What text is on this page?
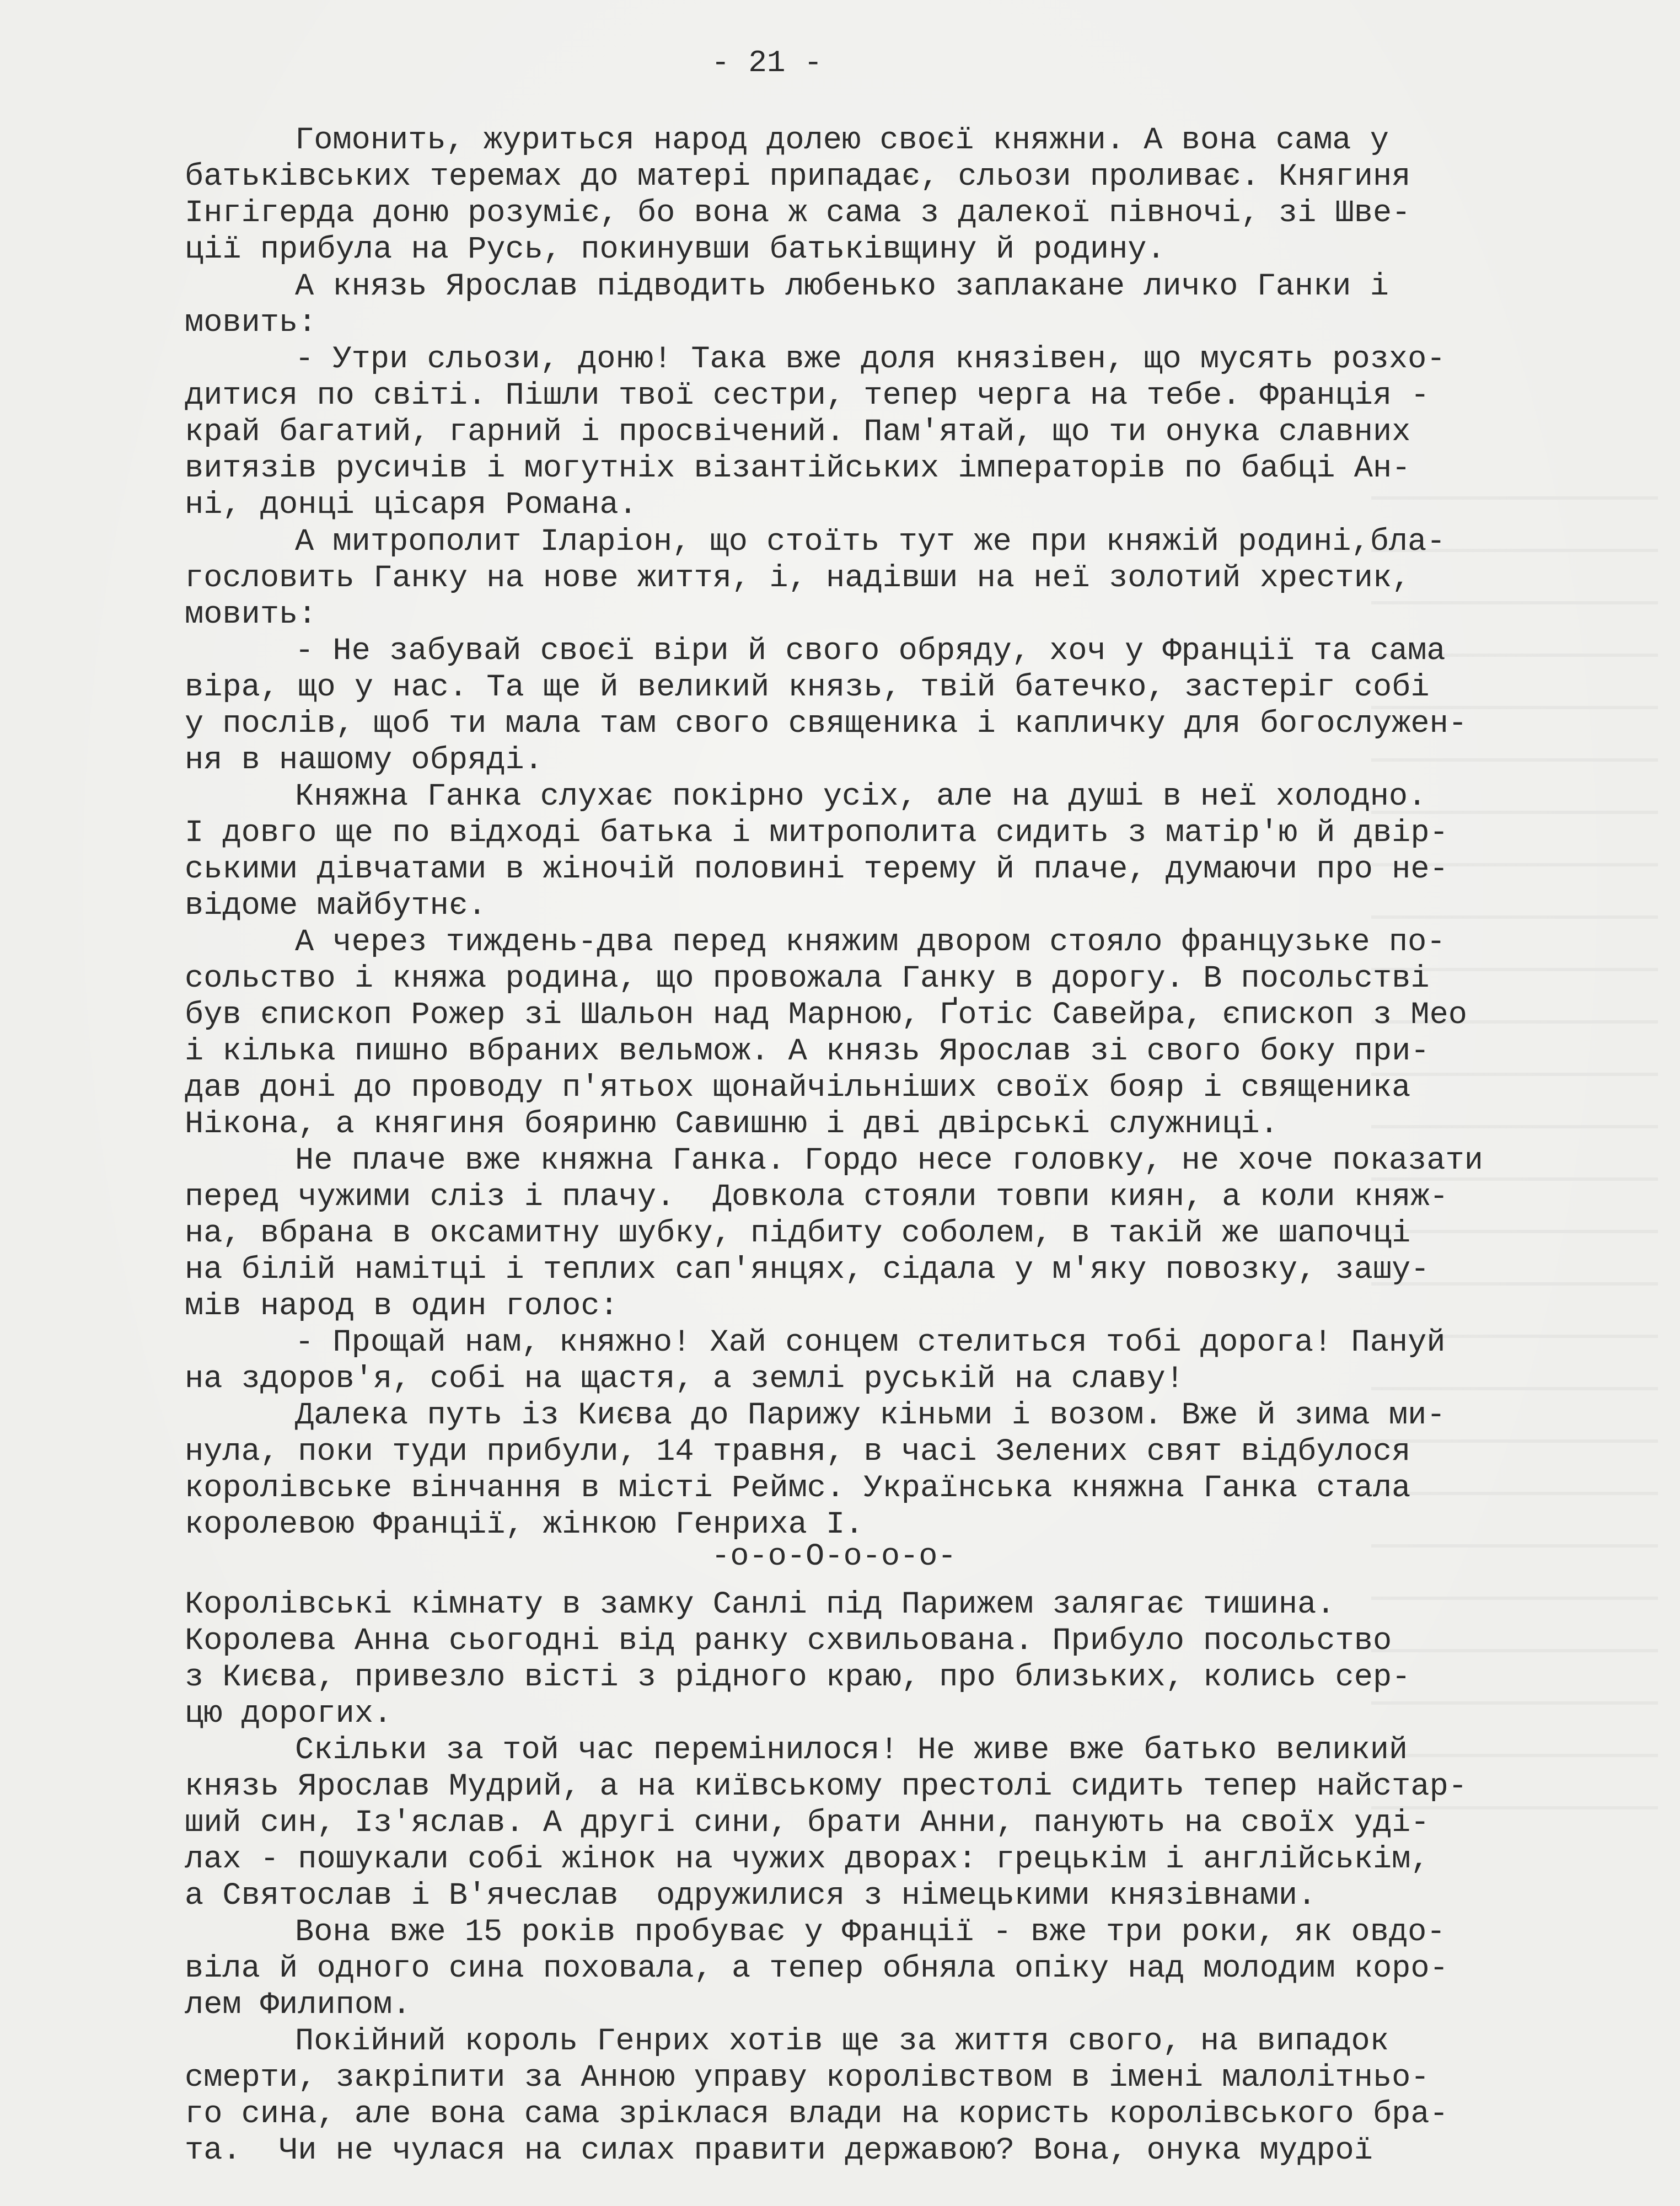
- 21 -
Гомонить, журиться народ долею своєї княжни. А вона сама у
батьківських теремах до матері припадає, сльози проливає. Княгиня
Інгігерда доню розуміє, бо вона ж сама з далекої півночі, зі Шве-
ції прибула на Русь, покинувши батьківщину й родину.
А князь Ярослав підводить любенько заплакане личко Ганки і
мовить:
- Утри сльози, доню! Така вже доля князівен, що мусять розхо-
дитися по світі. Пішли твої сестри, тепер черга на тебе. Франція -
край багатий, гарний і просвічений. Пам'ятай, що ти онука славних
витязів русичів і могутніх візантійських імператорів по бабці Ан-
ні, донці цісаря Романа.
А митрополит Іларіон, що стоїть тут же при княжій родині,бла-
гословить Ганку на нове життя, і, надівши на неї золотий хрестик,
мовить:
- Не забувай своєї віри й свого обряду, хоч у Франції та сама
віра, що у нас. Та ще й великий князь, твій батечко, застеріг собі
у послів, щоб ти мала там свого священика і капличку для богослужен-
ня в нашому обряді.
Княжна Ганка слухає покірно усіх, але на душі в неї холодно.
І довго ще по відході батька і митрополита сидить з матір'ю й двір-
ськими дівчатами в жіночій половині терему й плаче, думаючи про не-
відоме майбутнє.
А через тиждень-два перед княжим двором стояло французьке по-
сольство і княжа родина, що провожала Ганку в дорогу. В посольстві
був єпископ Рожер зі Шальон над Марною, Ґотіс Савейра, єпископ з Мео
і кілька пишно вбраних вельмож. А князь Ярослав зі свого боку при-
дав доні до проводу п'ятьох щонайчільніших своїх бояр і священика
Нікона, а княгиня бояриню Савишню і дві двірські служниці.
Не плаче вже княжна Ганка. Гордо несе головку, не хоче показати
перед чужими сліз і плачу.  Довкола стояли товпи киян, а коли княж-
на, вбрана в оксамитну шубку, підбиту соболем, в такій же шапочці
на білій намітці і теплих сап'янцях, сідала у м'яку повозку, зашу-
мів народ в один голос:
- Прощай нам, княжно! Хай сонцем стелиться тобі дорога! Пануй
на здоров'я, собі на щастя, а землі руській на славу!
Далека путь із Києва до Парижу кіньми і возом. Вже й зима ми-
нула, поки туди прибули, 14 травня, в часі Зелених свят відбулося
королівське вінчання в місті Реймс. Українська княжна Ганка стала
королевою Франції, жінкою Генриха І.
-о-о-О-о-о-о-
Королівські кімнату в замку Санлі під Парижем залягає тишина.
Королева Анна сьогодні від ранку схвильована. Прибуло посольство
з Києва, привезло вісті з рідного краю, про близьких, колись сер-
цю дорогих.
Скільки за той час перемінилося! Не живе вже батько великий
князь Ярослав Мудрий, а на київському престолі сидить тепер найстар-
ший син, Із'яслав. А другі сини, брати Анни, панують на своїх уді-
лах - пошукали собі жінок на чужих дворах: грецькім і англійськім,
а Святослав і В'ячеслав  одружилися з німецькими князівнами.
Вона вже 15 років пробуває у Франції - вже три роки, як овдо-
віла й одного сина поховала, а тепер обняла опіку над молодим коро-
лем Филипом.
Покійний король Генрих хотів ще за життя свого, на випадок
смерти, закріпити за Анною управу королівством в імені малолітньо-
го сина, але вона сама зріклася влади на користь королівського бра-
та.  Чи не чулася на силах правити державою? Вона, онука мудрої
